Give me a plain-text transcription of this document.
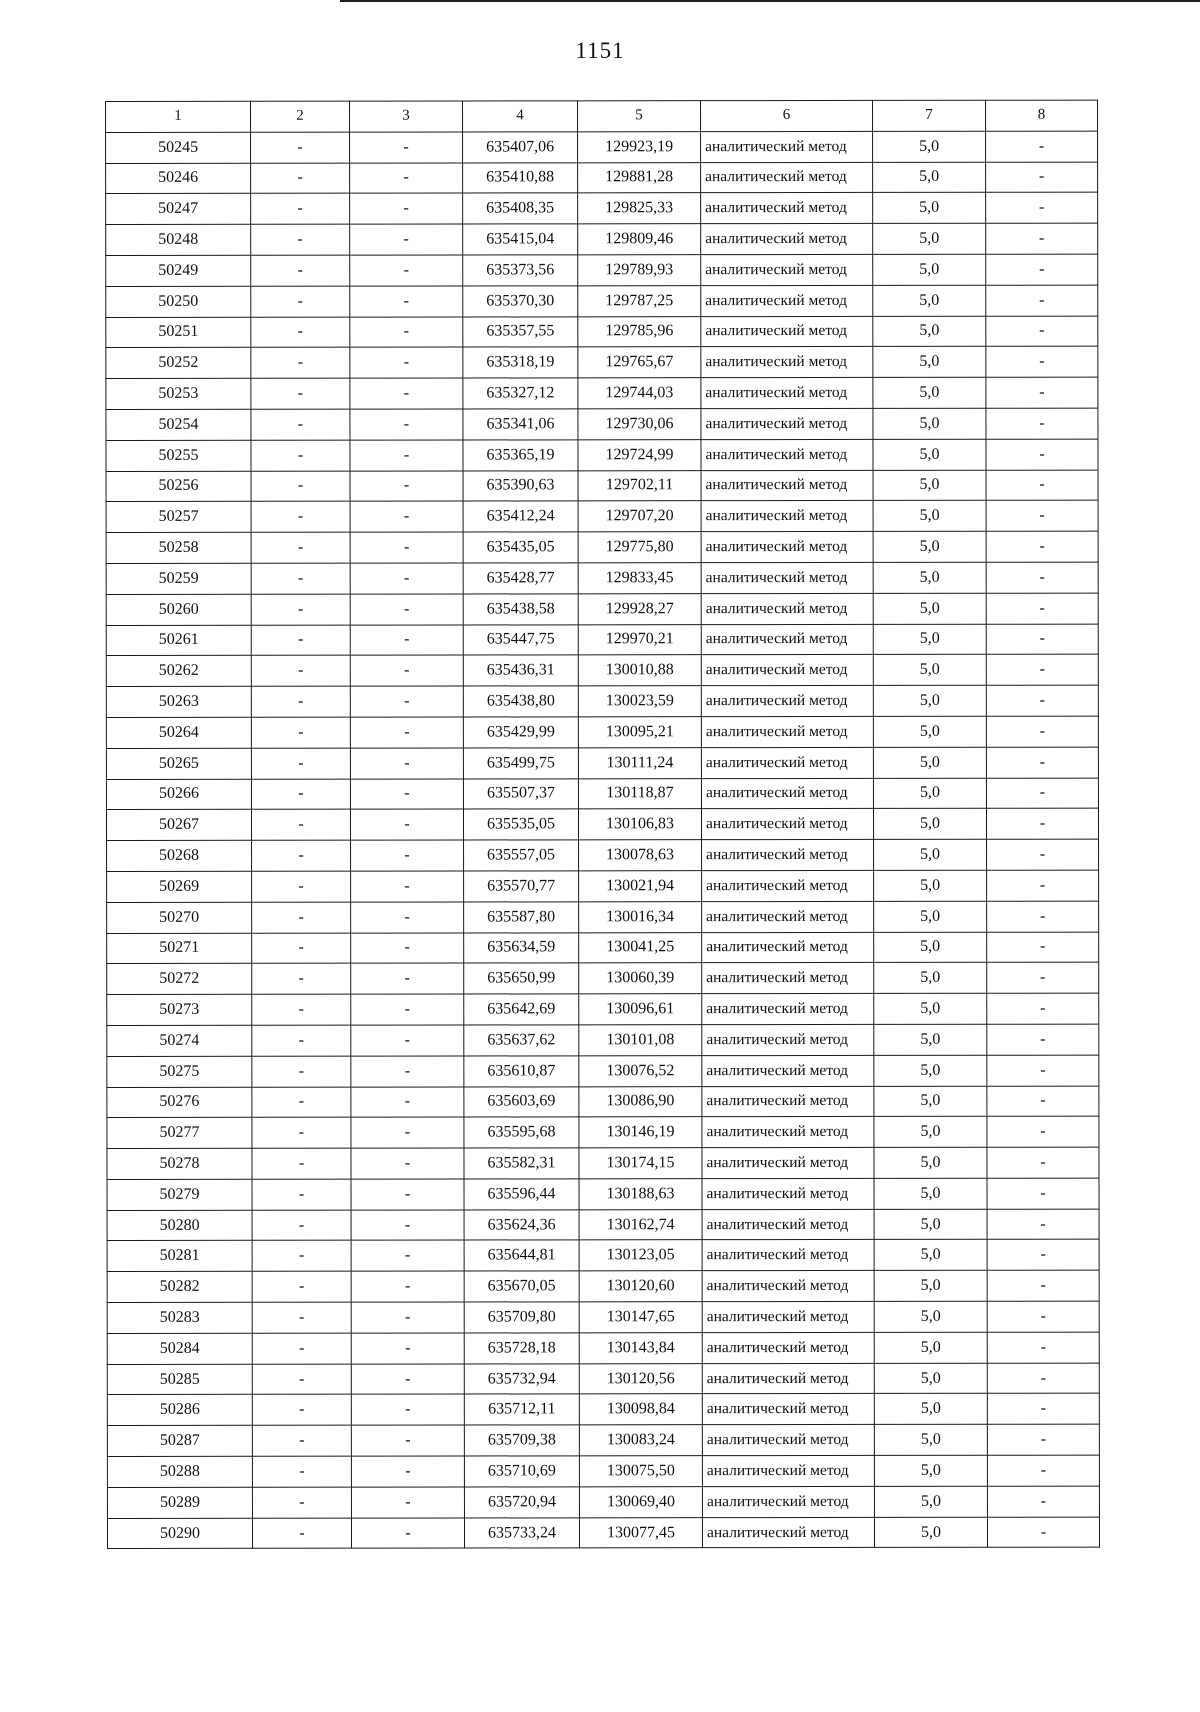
1151
1	2	3	4	5	6	7	8
50245	-	-	635407,06	129923,19	аналитический метод	5,0	-
50246	-	-	635410,88	129881,28	аналитический метод	5,0	-
50247	-	-	635408,35	129825,33	аналитический метод	5,0	-
50248	-	-	635415,04	129809,46	аналитический метод	5,0	-
50249	-	-	635373,56	129789,93	аналитический метод	5,0	-
50250	-	-	635370,30	129787,25	аналитический метод	5,0	-
50251	-	-	635357,55	129785,96	аналитический метод	5,0	-
50252	-	-	635318,19	129765,67	аналитический метод	5,0	-
50253	-	-	635327,12	129744,03	аналитический метод	5,0	-
50254	-	-	635341,06	129730,06	аналитический метод	5,0	-
50255	-	-	635365,19	129724,99	аналитический метод	5,0	-
50256	-	-	635390,63	129702,11	аналитический метод	5,0	-
50257	-	-	635412,24	129707,20	аналитический метод	5,0	-
50258	-	-	635435,05	129775,80	аналитический метод	5,0	-
50259	-	-	635428,77	129833,45	аналитический метод	5,0	-
50260	-	-	635438,58	129928,27	аналитический метод	5,0	-
50261	-	-	635447,75	129970,21	аналитический метод	5,0	-
50262	-	-	635436,31	130010,88	аналитический метод	5,0	-
50263	-	-	635438,80	130023,59	аналитический метод	5,0	-
50264	-	-	635429,99	130095,21	аналитический метод	5,0	-
50265	-	-	635499,75	130111,24	аналитический метод	5,0	-
50266	-	-	635507,37	130118,87	аналитический метод	5,0	-
50267	-	-	635535,05	130106,83	аналитический метод	5,0	-
50268	-	-	635557,05	130078,63	аналитический метод	5,0	-
50269	-	-	635570,77	130021,94	аналитический метод	5,0	-
50270	-	-	635587,80	130016,34	аналитический метод	5,0	-
50271	-	-	635634,59	130041,25	аналитический метод	5,0	-
50272	-	-	635650,99	130060,39	аналитический метод	5,0	-
50273	-	-	635642,69	130096,61	аналитический метод	5,0	-
50274	-	-	635637,62	130101,08	аналитический метод	5,0	-
50275	-	-	635610,87	130076,52	аналитический метод	5,0	-
50276	-	-	635603,69	130086,90	аналитический метод	5,0	-
50277	-	-	635595,68	130146,19	аналитический метод	5,0	-
50278	-	-	635582,31	130174,15	аналитический метод	5,0	-
50279	-	-	635596,44	130188,63	аналитический метод	5,0	-
50280	-	-	635624,36	130162,74	аналитический метод	5,0	-
50281	-	-	635644,81	130123,05	аналитический метод	5,0	-
50282	-	-	635670,05	130120,60	аналитический метод	5,0	-
50283	-	-	635709,80	130147,65	аналитический метод	5,0	-
50284	-	-	635728,18	130143,84	аналитический метод	5,0	-
50285	-	-	635732,94	130120,56	аналитический метод	5,0	-
50286	-	-	635712,11	130098,84	аналитический метод	5,0	-
50287	-	-	635709,38	130083,24	аналитический метод	5,0	-
50288	-	-	635710,69	130075,50	аналитический метод	5,0	-
50289	-	-	635720,94	130069,40	аналитический метод	5,0	-
50290	-	-	635733,24	130077,45	аналитический метод	5,0	-
